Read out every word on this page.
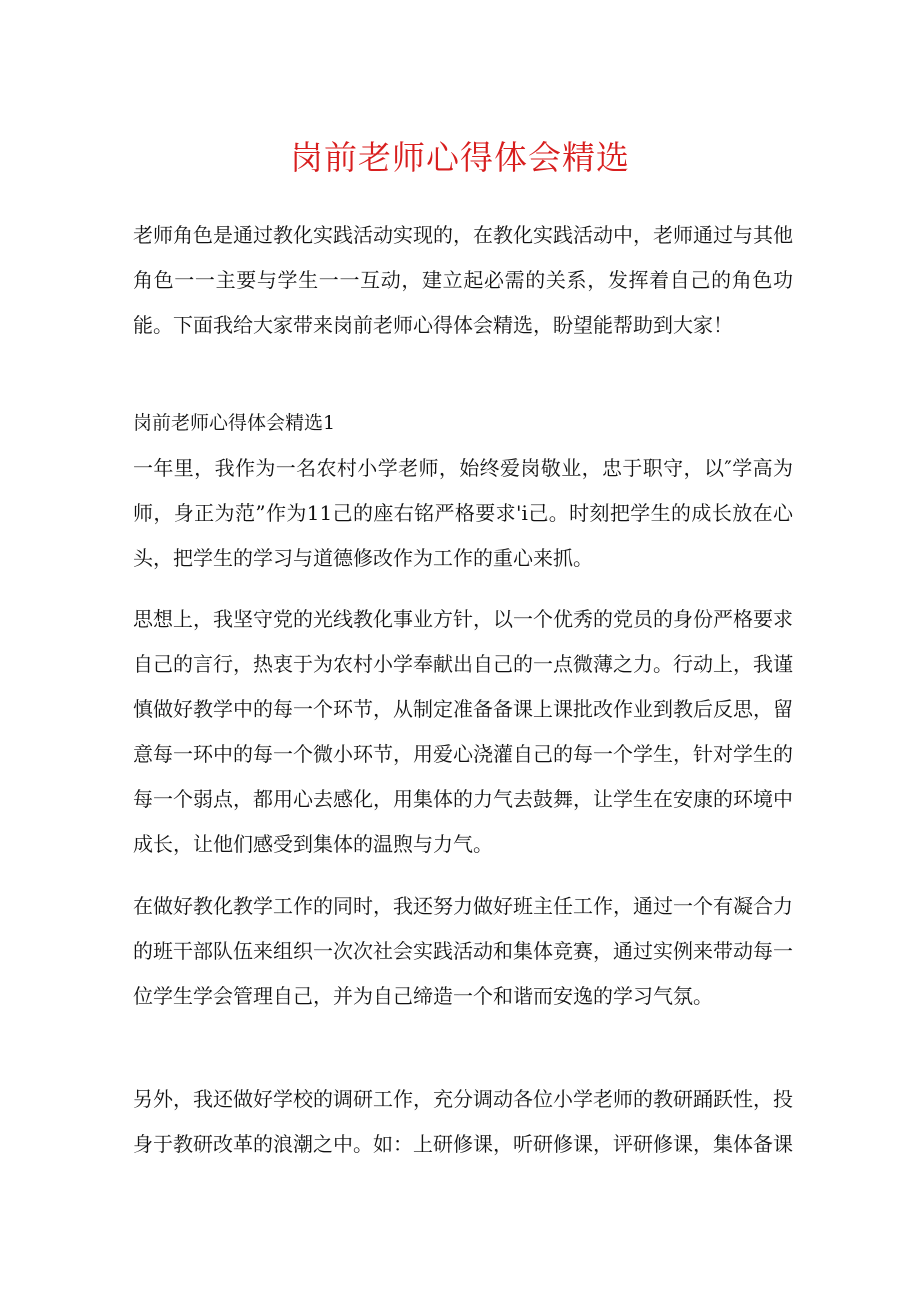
岗前老师心得体会精选

老师角色是通过教化实践活动实现的，在教化实践活动中，老师通过与其他角色一一主要与学生一一互动，建立起必需的关系，发挥着自己的角色功能。下面我给大家带来岗前老师心得体会精选，盼望能帮助到大家！

岗前老师心得体会精选1

一年里，我作为一名农村小学老师，始终爱岗敬业，忠于职守，以″学高为师，身正为范”作为11己的座右铭严格要求'i己。时刻把学生的成长放在心头，把学生的学习与道德修改作为工作的重心来抓。

思想上，我坚守党的光线教化事业方针，以一个优秀的党员的身份严格要求自己的言行，热衷于为农村小学奉献出自己的一点微薄之力。行动上，我谨慎做好教学中的每一个环节，从制定准备备课上课批改作业到教后反思，留意每一环中的每一个微小环节，用爱心浇灌自己的每一个学生，针对学生的每一个弱点，都用心去感化，用集体的力气去鼓舞，让学生在安康的环境中成长，让他们感受到集体的温煦与力气。

在做好教化教学工作的同时，我还努力做好班主任工作，通过一个有凝合力的班干部队伍来组织一次次社会实践活动和集体竞赛，通过实例来带动每一位学生学会管理自己，并为自己缔造一个和谐而安逸的学习气氛。

另外，我还做好学校的调研工作，充分调动各位小学老师的教研踊跃性，投身于教研改革的浪潮之中。如：上研修课，听研修课，评研修课，集体备课
